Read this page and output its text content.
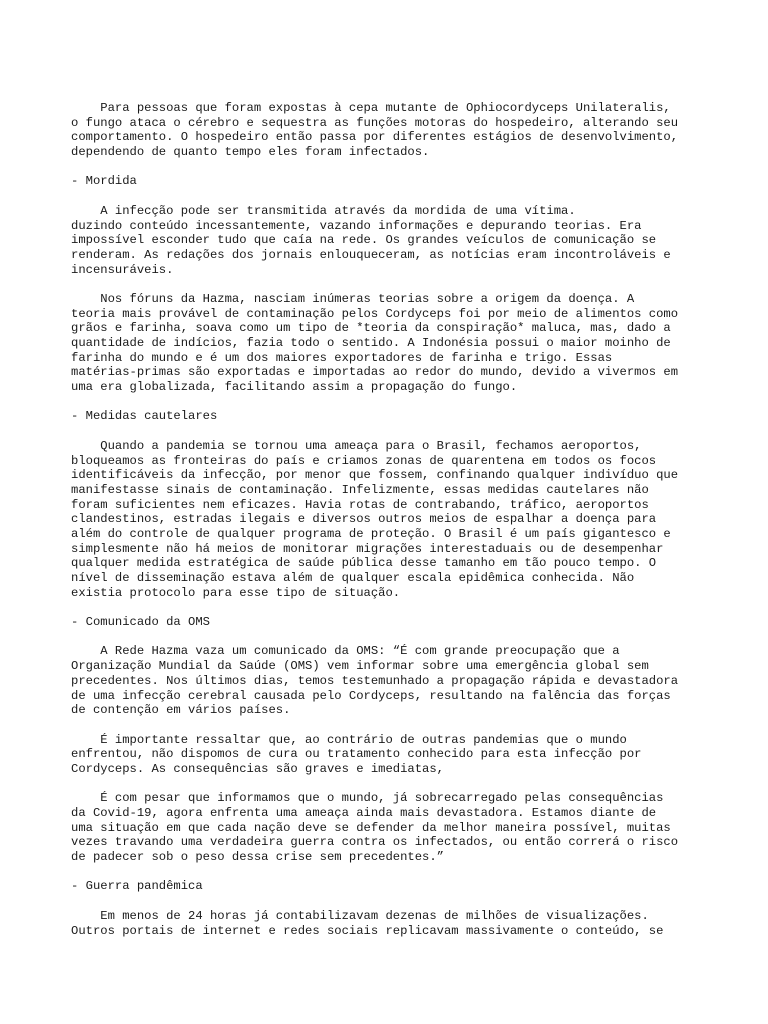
Para pessoas que foram expostas à cepa mutante de Ophiocordyceps Unilateralis,
o fungo ataca o cérebro e sequestra as funções motoras do hospedeiro, alterando seu
comportamento. O hospedeiro então passa por diferentes estágios de desenvolvimento,
dependendo de quanto tempo eles foram infectados.
- Mordida
A infecção pode ser transmitida através da mordida de uma vítima.
duzindo conteúdo incessantemente, vazando informações e depurando teorias. Era
impossível esconder tudo que caía na rede. Os grandes veículos de comunicação se
renderam. As redações dos jornais enlouqueceram, as notícias eram incontroláveis e
incensuráveis.
Nos fóruns da Hazma, nasciam inúmeras teorias sobre a origem da doença. A
teoria mais provável de contaminação pelos Cordyceps foi por meio de alimentos como
grãos e farinha, soava como um tipo de *teoria da conspiração* maluca, mas, dado a
quantidade de indícios, fazia todo o sentido. A Indonésia possui o maior moinho de
farinha do mundo e é um dos maiores exportadores de farinha e trigo. Essas
matérias-primas são exportadas e importadas ao redor do mundo, devido a vivermos em
uma era globalizada, facilitando assim a propagação do fungo.
- Medidas cautelares
Quando a pandemia se tornou uma ameaça para o Brasil, fechamos aeroportos,
bloqueamos as fronteiras do país e criamos zonas de quarentena em todos os focos
identificáveis da infecção, por menor que fossem, confinando qualquer indivíduo que
manifestasse sinais de contaminação. Infelizmente, essas medidas cautelares não
foram suficientes nem eficazes. Havia rotas de contrabando, tráfico, aeroportos
clandestinos, estradas ilegais e diversos outros meios de espalhar a doença para
além do controle de qualquer programa de proteção. O Brasil é um país gigantesco e
simplesmente não há meios de monitorar migrações interestaduais ou de desempenhar
qualquer medida estratégica de saúde pública desse tamanho em tão pouco tempo. O
nível de disseminação estava além de qualquer escala epidêmica conhecida. Não
existia protocolo para esse tipo de situação.
- Comunicado da OMS
A Rede Hazma vaza um comunicado da OMS: “É com grande preocupação que a
Organização Mundial da Saúde (OMS) vem informar sobre uma emergência global sem
precedentes. Nos últimos dias, temos testemunhado a propagação rápida e devastadora
de uma infecção cerebral causada pelo Cordyceps, resultando na falência das forças
de contenção em vários países.
É importante ressaltar que, ao contrário de outras pandemias que o mundo
enfrentou, não dispomos de cura ou tratamento conhecido para esta infecção por
Cordyceps. As consequências são graves e imediatas,
É com pesar que informamos que o mundo, já sobrecarregado pelas consequências
da Covid-19, agora enfrenta uma ameaça ainda mais devastadora. Estamos diante de
uma situação em que cada nação deve se defender da melhor maneira possível, muitas
vezes travando uma verdadeira guerra contra os infectados, ou então correrá o risco
de padecer sob o peso dessa crise sem precedentes.”
- Guerra pandêmica
Em menos de 24 horas já contabilizavam dezenas de milhões de visualizações.
Outros portais de internet e redes sociais replicavam massivamente o conteúdo, se
